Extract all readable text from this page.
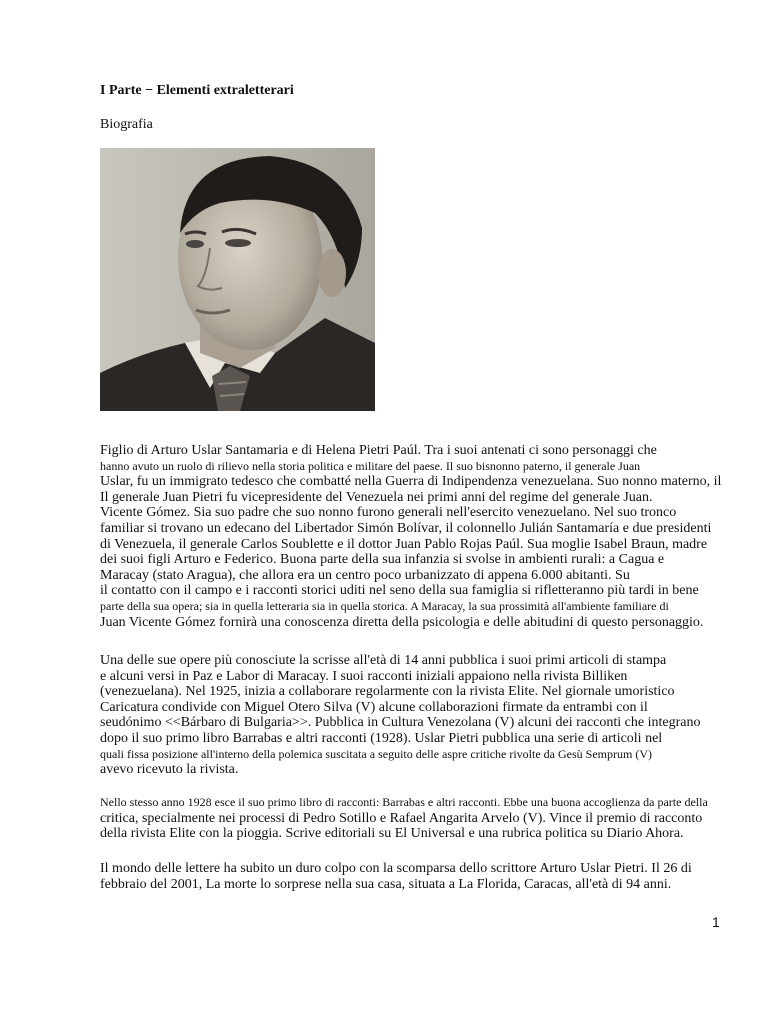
I Parte − Elementi extraletterari
Biografia
Figlio di Arturo Uslar Santamaria e di Helena Pietri Paúl. Tra i suoi antenati ci sono personaggi che
hanno avuto un ruolo di rilievo nella storia politica e militare del paese. Il suo bisnonno paterno, il generale Juan
Uslar, fu un immigrato tedesco che combatté nella Guerra di Indipendenza venezuelana. Suo nonno materno, il
Il generale Juan Pietri fu vicepresidente del Venezuela nei primi anni del regime del generale Juan.
Vicente Gómez. Sia suo padre che suo nonno furono generali nell'esercito venezuelano. Nel suo tronco
familiar si trovano un edecano del Libertador Simón Bolívar, il colonnello Julián Santamaría e due presidenti
di Venezuela, il generale Carlos Soublette e il dottor Juan Pablo Rojas Paúl. Sua moglie Isabel Braun, madre
dei suoi figli Arturo e Federico. Buona parte della sua infanzia si svolse in ambienti rurali: a Cagua e
Maracay (stato Aragua), che allora era un centro poco urbanizzato di appena 6.000 abitanti. Su
il contatto con il campo e i racconti storici uditi nel seno della sua famiglia si rifletteranno più tardi in bene
parte della sua opera; sia in quella letteraria sia in quella storica. A Maracay, la sua prossimità all'ambiente familiare di
Juan Vicente Gómez fornirà una conoscenza diretta della psicologia e delle abitudini di questo personaggio.
Una delle sue opere più conosciute la scrisse all'età di 14 anni pubblica i suoi primi articoli di stampa
e alcuni versi in Paz e Labor di Maracay. I suoi racconti iniziali appaiono nella rivista Billiken
(venezuelana). Nel 1925, inizia a collaborare regolarmente con la rivista Elite. Nel giornale umoristico
Caricatura condivide con Miguel Otero Silva (V) alcune collaborazioni firmate da entrambi con il
seudónimo <<Bárbaro di Bulgaria>>. Pubblica in Cultura Venezolana (V) alcuni dei racconti che integrano
dopo il suo primo libro Barrabas e altri racconti (1928). Uslar Pietri pubblica una serie di articoli nel
quali fissa posizione all'interno della polemica suscitata a seguito delle aspre critiche rivolte da Gesù Semprum (V)
avevo ricevuto la rivista.
Nello stesso anno 1928 esce il suo primo libro di racconti: Barrabas e altri racconti. Ebbe una buona accoglienza da parte della
critica, specialmente nei processi di Pedro Sotillo e Rafael Angarita Arvelo (V). Vince il premio di racconto
della rivista Elite con la pioggia. Scrive editoriali su El Universal e una rubrica politica su Diario Ahora.
Il mondo delle lettere ha subito un duro colpo con la scomparsa dello scrittore Arturo Uslar Pietri. Il 26 di
febbraio del 2001, La morte lo sorprese nella sua casa, situata a La Florida, Caracas, all'età di 94 anni.
1
